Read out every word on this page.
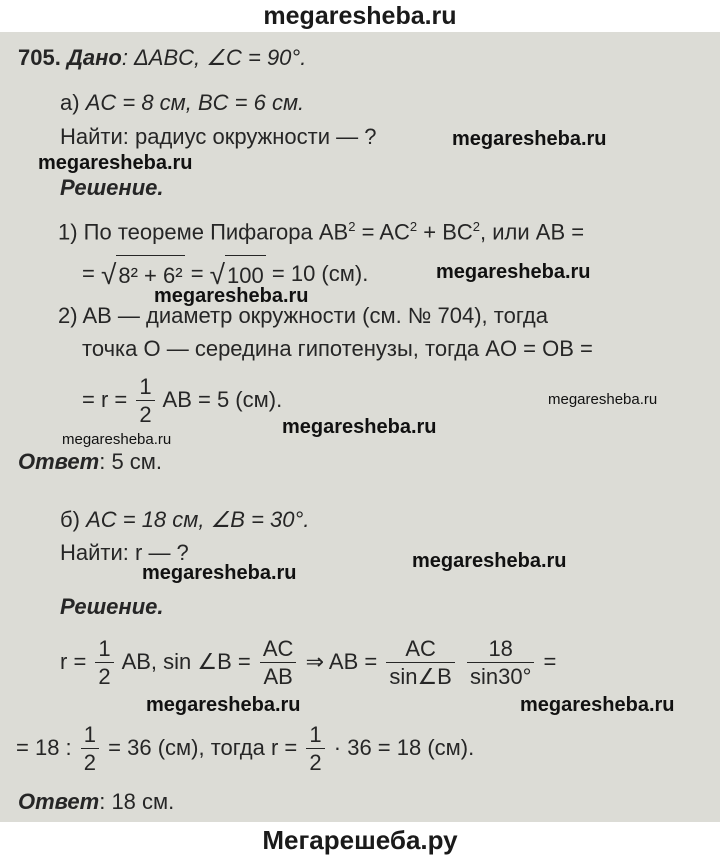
megaresheba.ru
705. Дано: ΔABC, ∠C = 90°.
а) AC = 8 см, BC = 6 см.
Найти: радиус окружности — ?
Решение.
1) По теореме Пифагора $AB^2 = AC^2 + BC^2$, или AB =
= √8² + 6² = √100 = 10 (см).
2) AB — диаметр окружности (см. № 704), тогда
точка O — середина гипотенузы, тогда AO = OB =
= $r = \frac{1}{2}$ AB = 5 (см).
Ответ: 5 см.
б) AC = 18 см, ∠B = 30°.
Найти: r — ?
Решение.
$r = \frac{1}{2}$ AB, sin ∠B = $\frac{AC}{AB}$ ⇒ AB = $\frac{AC}{\sin\angle B}$
$\frac{18}{\sin 30^\circ}$ =
= 18 : $\frac{1}{2} = 36$ (см), тогда $r = \frac{1}{2} \cdot 36 = 18$ (см).
Ответ: 18 см.
megaresheba.ru
megaresheba.ru
megaresheba.ru
megaresheba.ru
megaresheba.ru
megaresheba.ru
megaresheba.ru
megaresheba.ru
megaresheba.ru
megaresheba.ru	megaresheba.ru
Мегарешеба.ру
